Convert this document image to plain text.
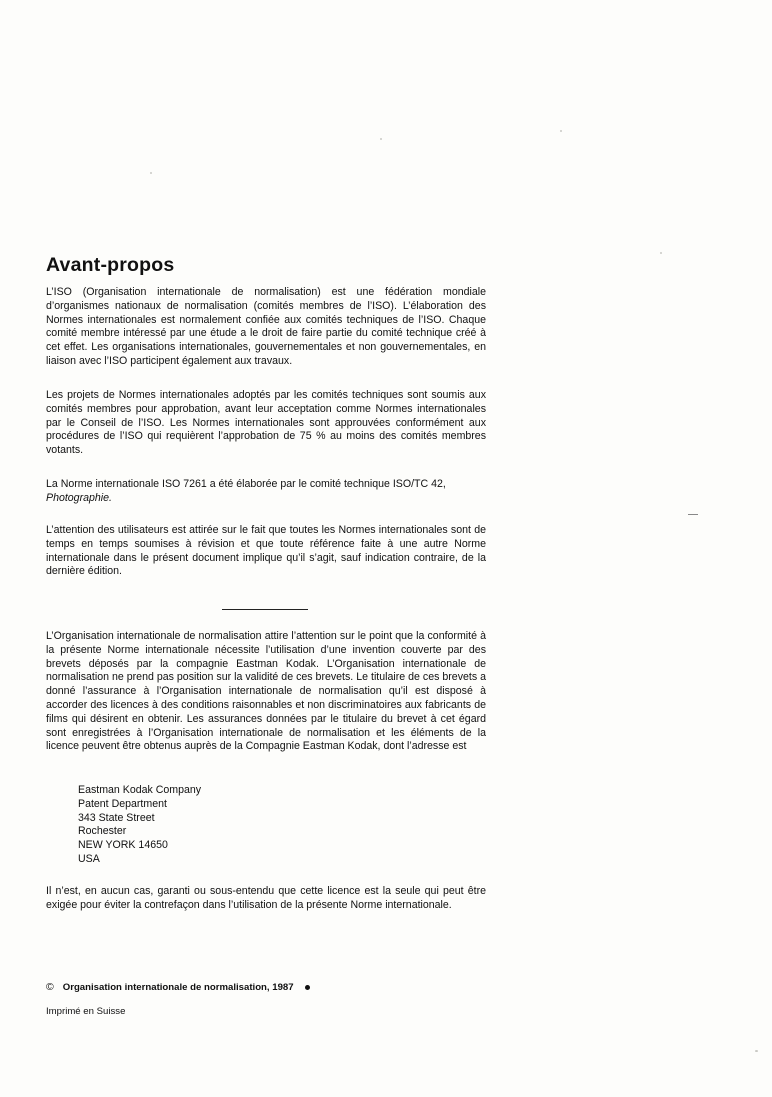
Avant-propos

L’ISO (Organisation internationale de normalisation) est une fédération mondiale d’organismes nationaux de normalisation (comités membres de l’ISO). L’élaboration des Normes internationales est normalement confiée aux comités techniques de l’ISO. Chaque comité membre intéressé par une étude a le droit de faire partie du comité technique créé à cet effet. Les organisations internationales, gouvernementales et non gouvernementales, en liaison avec l’ISO participent également aux travaux.

Les projets de Normes internationales adoptés par les comités techniques sont soumis aux comités membres pour approbation, avant leur acceptation comme Normes internationales par le Conseil de l’ISO. Les Normes internationales sont approuvées conformément aux procédures de l’ISO qui requièrent l’approbation de 75 % au moins des comités membres votants.

La Norme internationale ISO 7261 a été élaborée par le comité technique ISO/TC 42,
Photographie.

L’attention des utilisateurs est attirée sur le fait que toutes les Normes internationales sont de temps en temps soumises à révision et que toute référence faite à une autre Norme internationale dans le présent document implique qu’il s’agit, sauf indication contraire, de la dernière édition.

L’Organisation internationale de normalisation attire l’attention sur le point que la conformité à la présente Norme internationale nécessite l’utilisation d’une invention couverte par des brevets déposés par la compagnie Eastman Kodak. L’Organisation internationale de normalisation ne prend pas position sur la validité de ces brevets. Le titulaire de ces brevets a donné l’assurance à l’Organisation internationale de normalisation qu’il est disposé à accorder des licences à des conditions raisonnables et non discriminatoires aux fabricants de films qui désirent en obtenir. Les assurances données par le titulaire du brevet à cet égard sont enregistrées à l’Organisation internationale de normalisation et les éléments de la licence peuvent être obtenus auprès de la Compagnie Eastman Kodak, dont l’adresse est

Eastman Kodak Company
Patent Department
343 State Street
Rochester
NEW YORK 14650
USA

Il n’est, en aucun cas, garanti ou sous-entendu que cette licence est la seule qui peut être exigée pour éviter la contrefaçon dans l’utilisation de la présente Norme internationale.

© Organisation internationale de normalisation, 1987
Imprimé en Suisse
